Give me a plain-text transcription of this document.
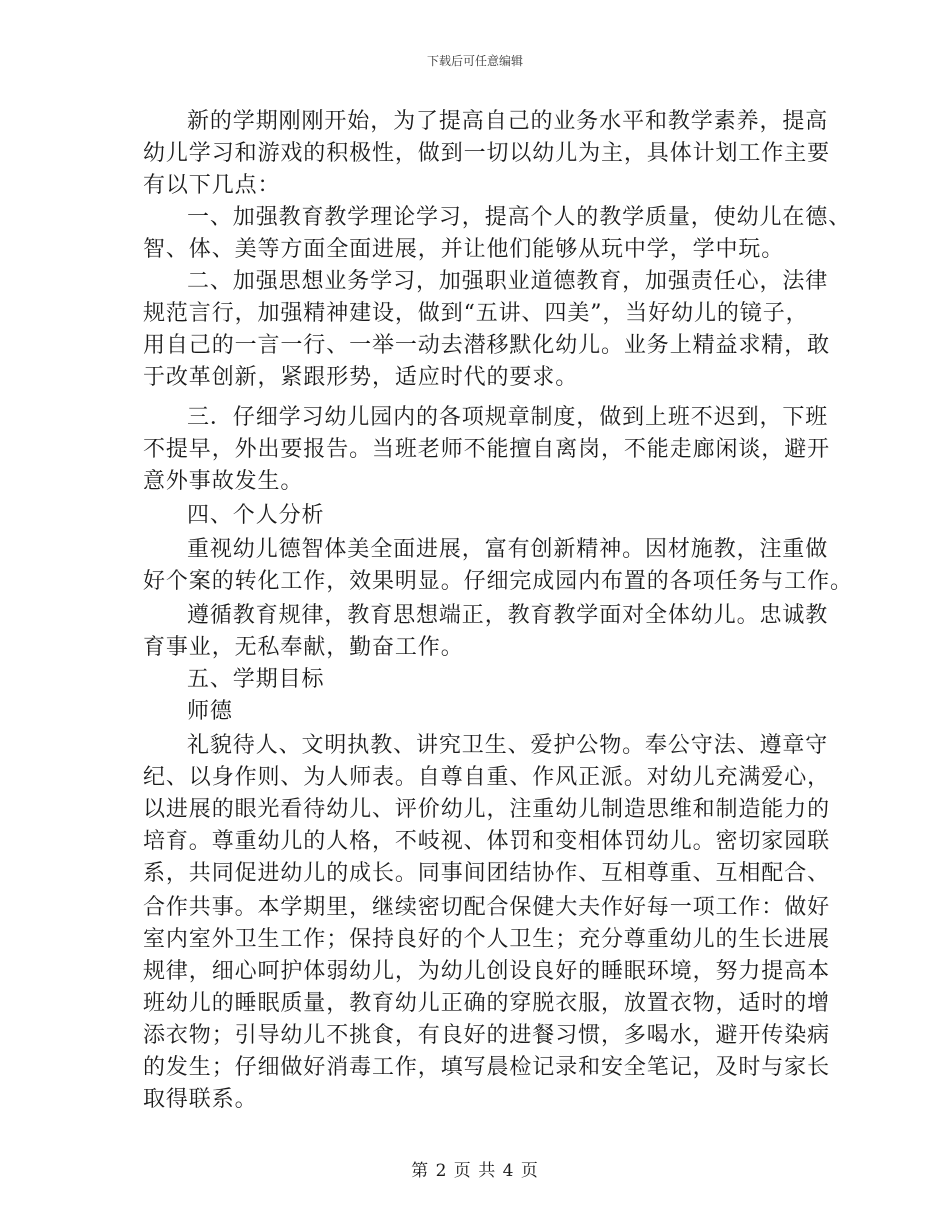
下载后可任意编辑
新的学期刚刚开始，为了提高自己的业务水平和教学素养，提高
幼儿学习和游戏的积极性，做到一切以幼儿为主，具体计划工作主要
有以下几点：
一、加强教育教学理论学习，提高个人的教学质量，使幼儿在德、
智、体、美等方面全面进展，并让他们能够从玩中学，学中玩。
二、加强思想业务学习，加强职业道德教育，加强责任心，法律
规范言行，加强精神建设，做到“五讲、四美”，当好幼儿的镜子，
用自己的一言一行、一举一动去潜移默化幼儿。业务上精益求精，敢
于改革创新，紧跟形势，适应时代的要求。
三．仔细学习幼儿园内的各项规章制度，做到上班不迟到，下班
不提早，外出要报告。当班老师不能擅自离岗，不能走廊闲谈，避开
意外事故发生。
四、个人分析
重视幼儿德智体美全面进展，富有创新精神。因材施教，注重做
好个案的转化工作，效果明显。仔细完成园内布置的各项任务与工作。
遵循教育规律，教育思想端正，教育教学面对全体幼儿。忠诚教
育事业，无私奉献，勤奋工作。
五、学期目标
师德
礼貌待人、文明执教、讲究卫生、爱护公物。奉公守法、遵章守
纪、以身作则、为人师表。自尊自重、作风正派。对幼儿充满爱心，
以进展的眼光看待幼儿、评价幼儿，注重幼儿制造思维和制造能力的
培育。尊重幼儿的人格，不岐视、体罚和变相体罚幼儿。密切家园联
系，共同促进幼儿的成长。同事间团结协作、互相尊重、互相配合、
合作共事。本学期里，继续密切配合保健大夫作好每一项工作：做好
室内室外卫生工作；保持良好的个人卫生；充分尊重幼儿的生长进展
规律，细心呵护体弱幼儿，为幼儿创设良好的睡眠环境，努力提高本
班幼儿的睡眠质量，教育幼儿正确的穿脱衣服，放置衣物，适时的增
添衣物；引导幼儿不挑食，有良好的进餐习惯，多喝水，避开传染病
的发生；仔细做好消毒工作，填写晨检记录和安全笔记，及时与家长
取得联系。
第 2 页 共 4 页
